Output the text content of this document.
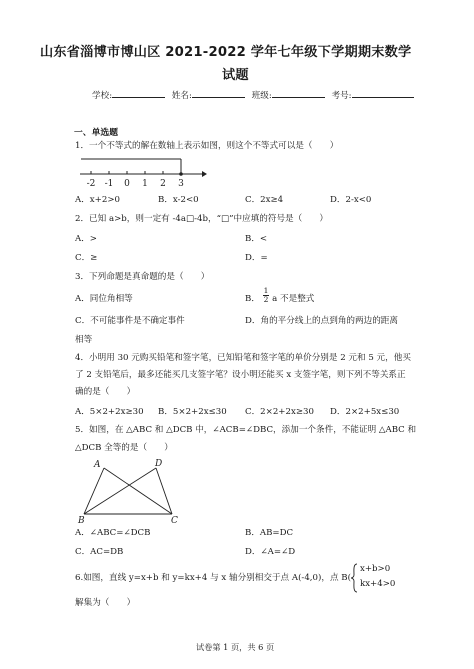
山东省淄博市博山区 2021-2022 学年七年级下学期期末数学
试题
学校:	姓名:	班级:	考号:
一、单选题
1．一个不等式的解在数轴上表示如图，则这个不等式可以是（　　）
-2 -1 0 1 2 3
A．x+2>0	B．x-2<0	C．2x≥4	D．2-x<0
2．已知 a>b，则一定有 -4a□-4b，“□”中应填的符号是（　　）
A．>	B．<
C．≥	D．=
3．下列命题是真命题的是（　　）
A．同位角相等	B． $\frac{1}{2}$ a 不是整式
C．不可能事件是不确定事件	D．角的平分线上的点到角的两边的距离
相等
4．小明用 30 元购买铅笔和签字笔，已知铅笔和签字笔的单价分别是 2 元和 5 元，他买
了 2 支铅笔后，最多还能买几支签字笔？设小明还能买 x 支签字笔，则下列不等关系正
确的是（　　）
A．5×2+2x≥30 B．5×2+2x≤30 C．2×2+2x≥30 D．2×2+5x≤30
5．如图，在 △ABC 和 △DCB 中，∠ACB=∠DBC，添加一个条件，不能证明 △ABC 和
△DCB 全等的是（　　）
A	D
B	C
A．∠ABC=∠DCB	B．AB=DC
C．AC=DB	D．∠A=∠D
6.如图，直线 y=x+b 和 y=kx+4 与 x 轴分别相交于点 A(-4,0)，点 B(
x+b>0
kx+4>0
解集为（　　）
试卷第 1 页，共 6 页
